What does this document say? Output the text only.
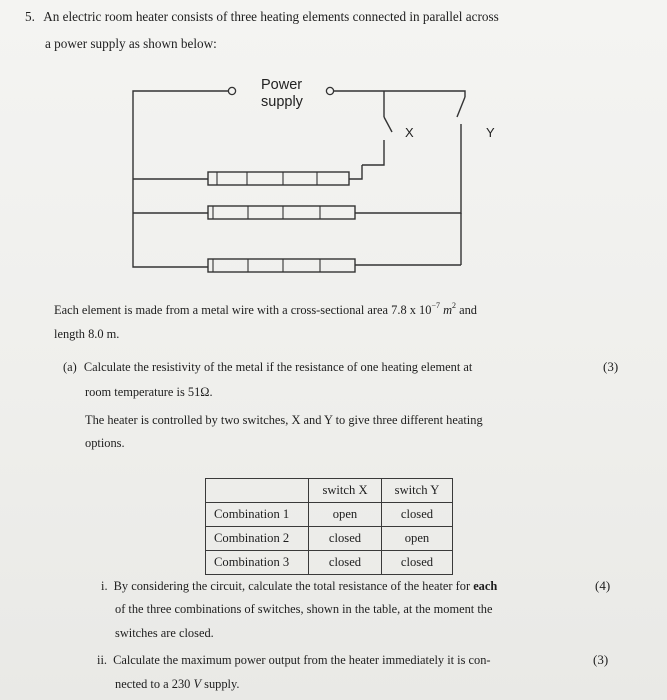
5. An electric room heater consists of three heating elements connected in parallel across
a power supply as shown below:
Power
supply
X	Y
Each element is made from a metal wire with a cross-sectional area 7.8 x $10^{-7}$ $m^2$ and
length 8.0 m.
(a) Calculate the resistivity of the metal if the resistance of one heating element at
room temperature is 51Ω.
(3)
The heater is controlled by two switches, X and Y to give three different heating
options.
	switch X	switch Y
Combination 1	open	closed
Combination 2	closed	open
Combination 3	closed	closed
i. By considering the circuit, calculate the total resistance of the heater for each
of the three combinations of switches, shown in the table, at the moment the
switches are closed.
(4)
ii. Calculate the maximum power output from the heater immediately it is con-
nected to a 230 V supply.
(3)
